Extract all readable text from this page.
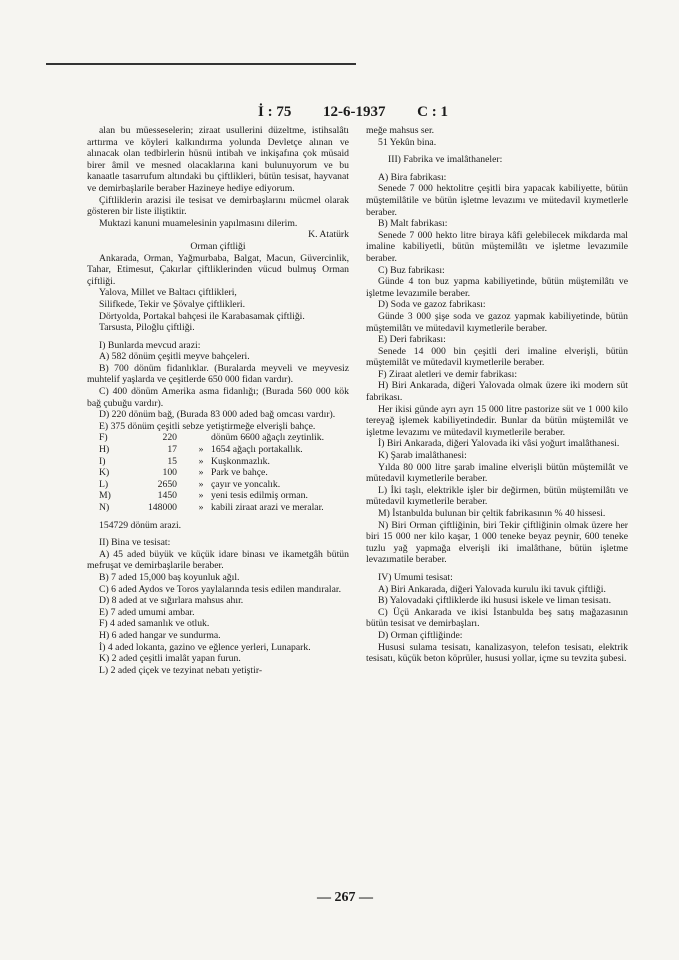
İ : 75 12-6-1937 C : 1

alan bu müesseselerin; ziraat usullerini düzeltme, istihsalâtı arttırma ve köyleri kalkındırma yolunda Devletçe alınan ve alınacak olan tedbirlerin hüsnü intibah ve inkişafına çok müsaid birer âmil ve mesned olacaklarına kani bulunuyorum ve bu kanaatle tasarrufum altındaki bu çiftlikleri, bütün tesisat, hayvanat ve demirbaşlarile beraber Hazineye hediye ediyorum.

Çiftliklerin arazisi ile tesisat ve demirbaşlarını mücmel olarak gösteren bir liste iliştiktir.

Muktazi kanuni muamelesinin yapılmasını dilerim.

K. Atatürk

Orman çiftliği

Ankarada, Orman, Yağmurbaba, Balgat, Macun, Güvercinlik, Tahar, Etimesut, Çakırlar çiftliklerinden vücud bulmuş Orman çiftliği.

Yalova, Millet ve Baltacı çiftlikleri,

Silifkede, Tekir ve Şövalye çiftlikleri.

Dörtyolda, Portakal bahçesi ile Karabasamak çiftliği.

Tarsusta, Piloğlu çiftliği.

I) Bunlarda mevcud arazi:

A) 582 dönüm çeşitli meyve bahçeleri.

B) 700 dönüm fidanlıklar. (Buralarda meyveli ve meyvesiz muhtelif yaşlarda ve çeşitlerde 650 000 fidan vardır).

C) 400 dönüm Amerika asma fidanlığı; (Burada 560 000 kök bağ çubuğu vardır).

D) 220 dönüm bağ, (Burada 83 000 aded bağ omcası vardır).

E) 375 dönüm çeşitli sebze yetiştirmeğe elverişli bahçe.

F)	220	dönüm 6600 ağaçlı zeytinlik.
H)	17	» 1654 ağaçlı portakallık.
I)	15	» Kuşkonmazlık.
K)	100	» Park ve bahçe.
L)	2650	» çayır ve yoncalık.
M)	1450	» yeni tesis edilmiş orman.
N)	148000	» kabili ziraat arazi ve meralar.

154729 dönüm arazi.

II) Bina ve tesisat:

A) 45 aded büyük ve küçük idare binası ve ikametgâh bütün mefruşat ve demirbaşlarile beraber.

B) 7 aded 15,000 baş koyunluk ağıl.

C) 6 aded Aydos ve Toros yaylalarında tesis edilen mandıralar.

D) 8 aded at ve sığırlara mahsus ahır.

E) 7 aded umumi ambar.

F) 4 aded samanlık ve otluk.

H) 6 aded hangar ve sundurma.

İ) 4 aded lokanta, gazino ve eğlence yerleri, Lunapark.

K) 2 aded çeşitli imalât yapan furun.

L) 2 aded çiçek ve tezyinat nebatı yetiştir-

meğe mahsus ser.

51 Yekûn bina.

III) Fabrika ve imalâthaneler:

A) Bira fabrikası:

Senede 7 000 hektolitre çeşitli bira yapacak kabiliyette, bütün müştemilâtile ve bütün işletme levazımı ve mütedavil kıymetlerle beraber.

B) Malt fabrikası:

Senede 7 000 hekto litre biraya kâfi gelebilecek mikdarda mal imaline kabiliyetli, bütün müştemilâtı ve işletme levazımile beraber.

C) Buz fabrikası:

Günde 4 ton buz yapma kabiliyetinde, bütün müştemilâtı ve işletme levazımile beraber.

D) Soda ve gazoz fabrikası:

Günde 3 000 şişe soda ve gazoz yapmak kabiliyetinde, bütün müştemilâtı ve mütedavil kıymetlerile beraber.

E) Deri fabrikası:

Senede 14 000 bin çeşitli deri imaline elverişli, bütün müştemilât ve mütedavil kıymetlerile beraber.

F) Ziraat aletleri ve demir fabrikası:

H) Biri Ankarada, diğeri Yalovada olmak üzere iki modern süt fabrikası.

Her ikisi günde ayrı ayrı 15 000 litre pastorize süt ve 1 000 kilo tereyağ işlemek kabiliyetindedir. Bunlar da bütün müştemilât ve işletme levazımı ve mütedavil kıymetlerile beraber.

İ) Biri Ankarada, diğeri Yalovada iki vâsi yoğurt imalâthanesi.

K) Şarab imalâthanesi:

Yılda 80 000 litre şarab imaline elverişli bütün müştemilât ve mütedavil kıymetlerile beraber.

L) İki taşlı, elektrikle işler bir değirmen, bütün müştemilâtı ve mütedavil kıymetlerile beraber.

M) İstanbulda bulunan bir çeltik fabrikasının % 40 hissesi.

N) Biri Orman çiftliğinin, biri Tekir çiftliğinin olmak üzere her biri 15 000 ner kilo kaşar, 1 000 teneke beyaz peynir, 600 teneke tuzlu yağ yapmağa elverişli iki imalâthane, bütün işletme levazımatile beraber.

IV) Umumi tesisat:

A) Biri Ankarada, diğeri Yalovada kurulu iki tavuk çiftliği.

B) Yalovadaki çiftliklerde iki hususi iskele ve liman tesisatı.

C) Üçü Ankarada ve ikisi İstanbulda beş satış mağazasının bütün tesisat ve demirbaşları.

D) Orman çiftliğinde:

Hususi sulama tesisatı, kanalizasyon, telefon tesisatı, elektrik tesisatı, küçük beton köprüler, hususi yollar, içme su tevzita şubesi.

— 267 —
